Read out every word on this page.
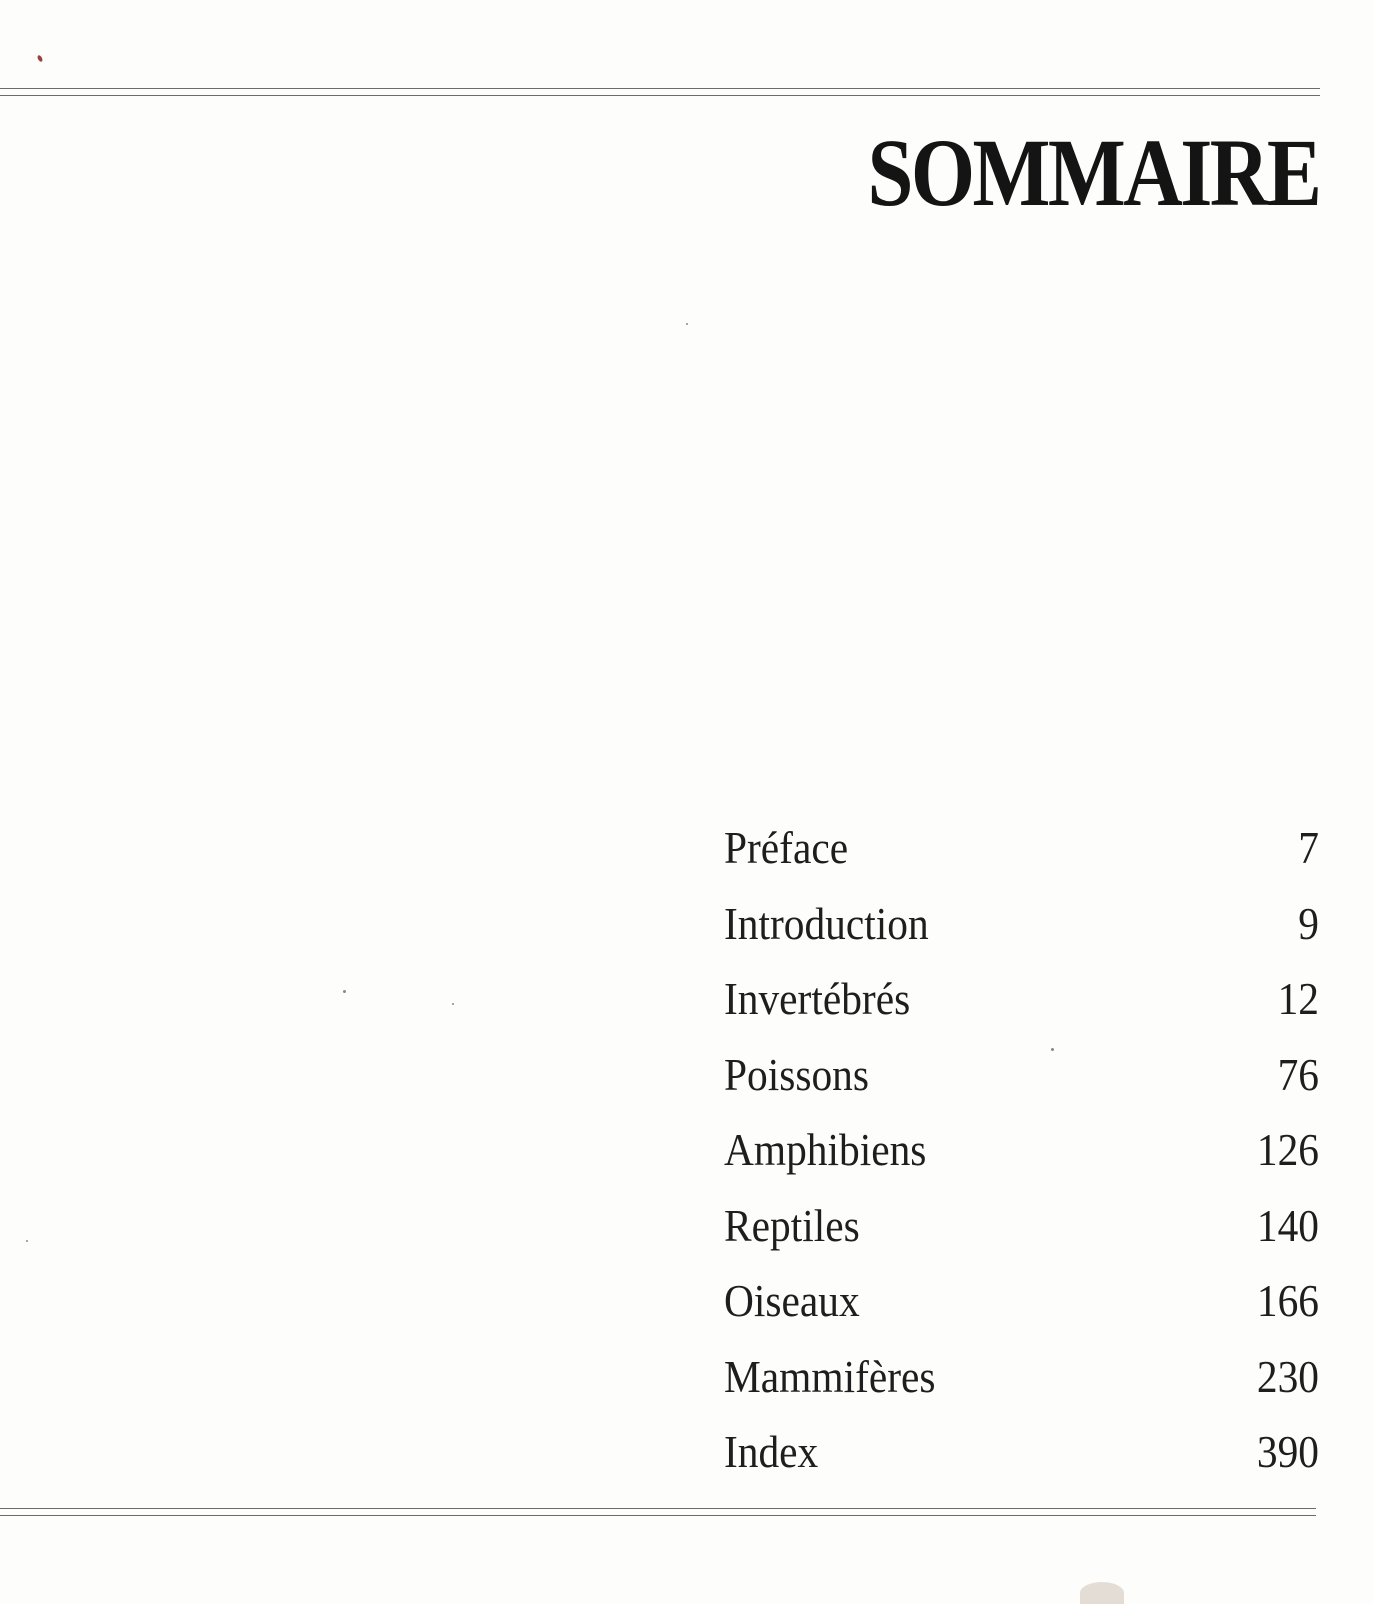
SOMMAIRE
Préface	7
Introduction	9
Invertébrés	12
Poissons	76
Amphibiens	126
Reptiles	140
Oiseaux	166
Mammifères	230
Index	390
